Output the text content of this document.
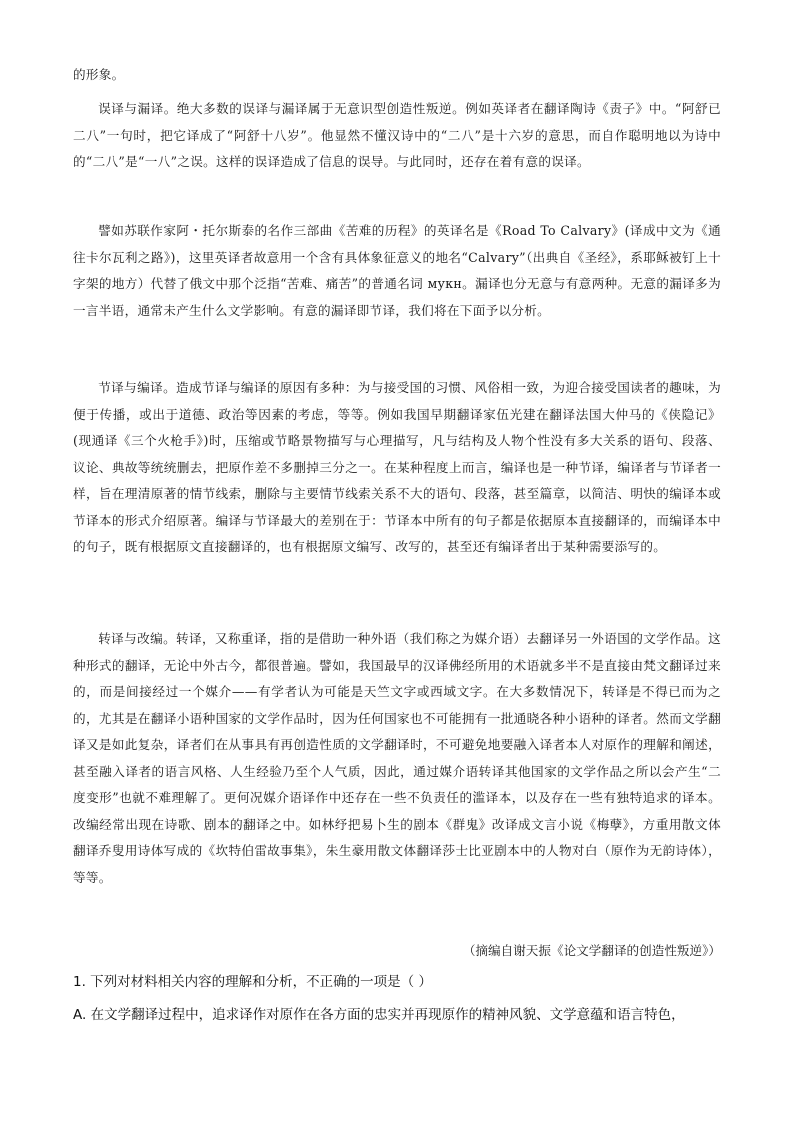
的形象。

误译与漏译。绝大多数的误译与漏译属于无意识型创造性叛逆。例如英译者在翻译陶诗《责子》中。“阿舒已二八”一句时，把它译成了“阿舒十八岁”。他显然不懂汉诗中的“二八”是十六岁的意思，而自作聪明地以为诗中的“二八”是“一八”之误。这样的误译造成了信息的误导。与此同时，还存在着有意的误译。

譬如苏联作家阿・托尔斯泰的名作三部曲《苦难的历程》的英译名是《Road To Calvary》(译成中文为《通往卡尔瓦利之路》)，这里英译者故意用一个含有具体象征意义的地名“Calvary”（出典自《圣经》，系耶稣被钉上十字架的地方）代替了俄文中那个泛指“苦难、痛苦”的普通名词 мукн。漏译也分无意与有意两种。无意的漏译多为一言半语，通常未产生什么文学影响。有意的漏译即节译，我们将在下面予以分析。

节译与编译。造成节译与编译的原因有多种：为与接受国的习惯、风俗相一致，为迎合接受国读者的趣味，为便于传播，或出于道德、政治等因素的考虑，等等。例如我国早期翻译家伍光建在翻译法国大仲马的《侠隐记》(现通译《三个火枪手》)时，压缩或节略景物描写与心理描写，凡与结构及人物个性没有多大关系的语句、段落、议论、典故等统统删去，把原作差不多删掉三分之一。在某种程度上而言，编译也是一种节译，编译者与节译者一样，旨在理清原著的情节线索，删除与主要情节线索关系不大的语句、段落，甚至篇章，以简洁、明快的编译本或节译本的形式介绍原著。编译与节译最大的差别在于：节译本中所有的句子都是依据原本直接翻译的，而编译本中的句子，既有根据原文直接翻译的，也有根据原文编写、改写的，甚至还有编译者出于某种需要添写的。

转译与改编。转译，又称重译，指的是借助一种外语（我们称之为媒介语）去翻译另一外语国的文学作品。这种形式的翻译，无论中外古今，都很普遍。譬如，我国最早的汉译佛经所用的术语就多半不是直接由梵文翻译过来的，而是间接经过一个媒介——有学者认为可能是天竺文字或西域文字。在大多数情况下，转译是不得已而为之的，尤其是在翻译小语种国家的文学作品时，因为任何国家也不可能拥有一批通晓各种小语种的译者。然而文学翻译又是如此复杂，译者们在从事具有再创造性质的文学翻译时，不可避免地要融入译者本人对原作的理解和阐述，甚至融入译者的语言风格、人生经验乃至个人气质，因此，通过媒介语转译其他国家的文学作品之所以会产生“二度变形”也就不难理解了。更何况媒介语译作中还存在一些不负责任的滥译本，以及存在一些有独特追求的译本。改编经常出现在诗歌、剧本的翻译之中。如林纾把易卜生的剧本《群鬼》改译成文言小说《梅孽》，方重用散文体翻译乔叟用诗体写成的《坎特伯雷故事集》，朱生豪用散文体翻译莎士比亚剧本中的人物对白（原作为无韵诗体），等等。

（摘编自谢天振《论文学翻译的创造性叛逆》）

1. 下列对材料相关内容的理解和分析，不正确的一项是（ ）

A. 在文学翻译过程中，追求译作对原作在各方面的忠实并再现原作的精神风貌、文学意蕴和语言特色，
